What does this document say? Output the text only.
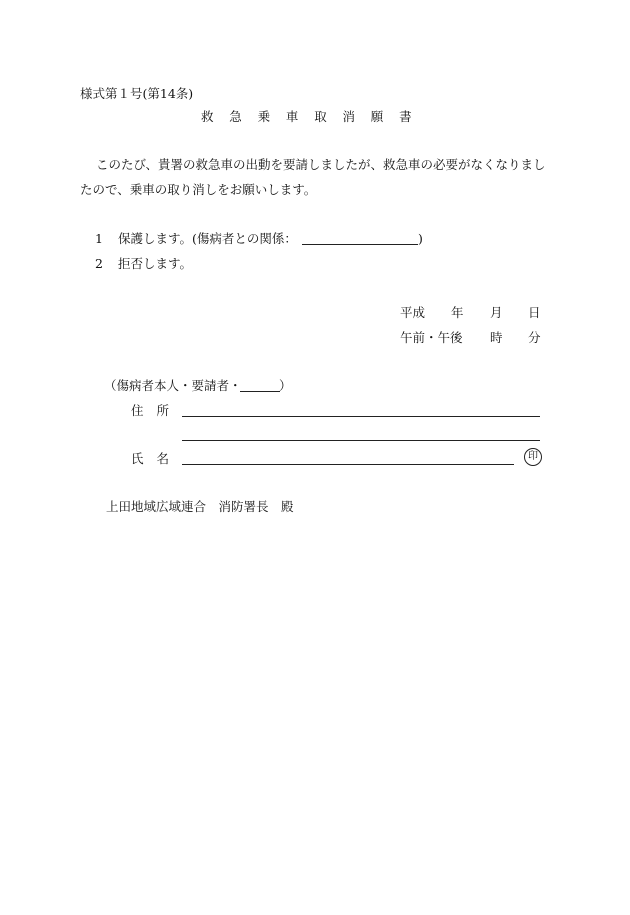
様式第１号(第14条)
救急乗車取消願書
このたび、貴署の救急車の出動を要請しましたが、救急車の必要がなくなりまし
たので、乗車の取り消しをお願いします。
1 保護します。(傷病者との関係：	)
2 拒否します。
平成 年 月 日
午前・午後 時 分
（傷病者本人・要請者・	）
住所
氏名	印
上田地域広域連合　消防署長　殿
